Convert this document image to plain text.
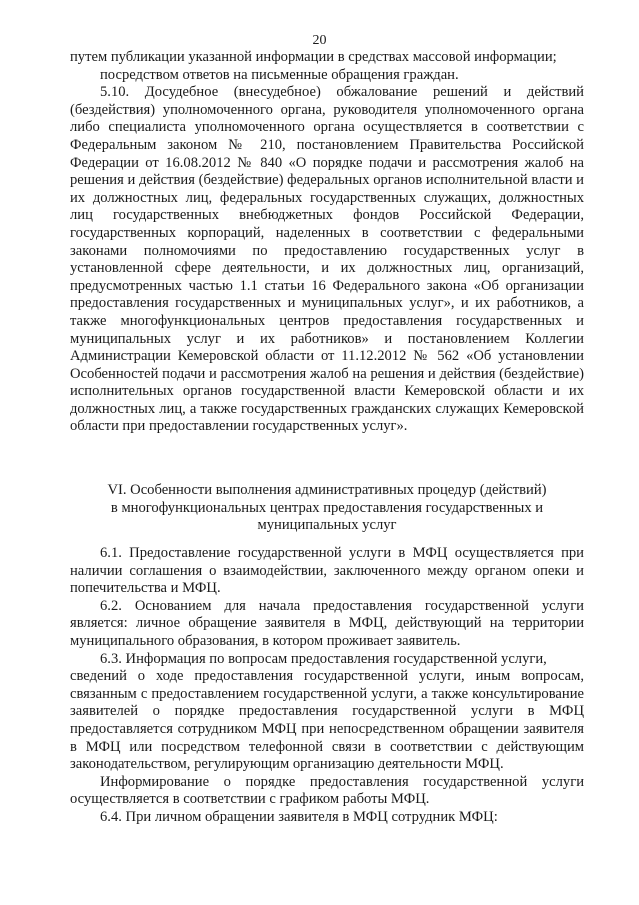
20

путем публикации указанной информации в средствах массовой информации;

посредством ответов на письменные обращения граждан.

5.10. Досудебное (внесудебное) обжалование решений и действий (бездействия) уполномоченного органа, руководителя уполномоченного органа либо специалиста уполномоченного органа осуществляется в соответствии с Федеральным законом № 210, постановлением Правительства Российской Федерации от 16.08.2012 № 840 «О порядке подачи и рассмотрения жалоб на решения и действия (бездействие) федеральных органов исполнительной власти и их должностных лиц, федеральных государственных служащих, должностных лиц государственных внебюджетных фондов Российской Федерации, государственных корпораций, наделенных в соответствии с федеральными законами полномочиями по предоставлению государственных услуг в установленной сфере деятельности, и их должностных лиц, организаций, предусмотренных частью 1.1 статьи 16 Федерального закона «Об организации предоставления государственных и муниципальных услуг», и их работников, а также многофункциональных центров предоставления государственных и муниципальных услуг и их работников» и постановлением Коллегии Администрации Кемеровской области от 11.12.2012 № 562 «Об установлении Особенностей подачи и рассмотрения жалоб на решения и действия (бездействие) исполнительных органов государственной власти Кемеровской области и их должностных лиц, а также государственных гражданских служащих Кемеровской области при предоставлении государственных услуг».

VI. Особенности выполнения административных процедур (действий)
в многофункциональных центрах предоставления государственных и
муниципальных услуг

6.1. Предоставление государственной услуги в МФЦ осуществляется при наличии соглашения о взаимодействии, заключенного между органом опеки и попечительства и МФЦ.

6.2. Основанием для начала предоставления государственной услуги является: личное обращение заявителя в МФЦ, действующий на территории муниципального образования, в котором проживает заявитель.

6.3. Информация по вопросам предоставления государственной услуги,

сведений о ходе предоставления государственной услуги, иным вопросам, связанным с предоставлением государственной услуги, а также консультирование заявителей о порядке предоставления государственной услуги в МФЦ предоставляется сотрудником МФЦ при непосредственном обращении заявителя в МФЦ или посредством телефонной связи в соответствии с действующим законодательством, регулирующим организацию деятельности МФЦ.

Информирование о порядке предоставления государственной услуги осуществляется в соответствии с графиком работы МФЦ.

6.4. При личном обращении заявителя в МФЦ сотрудник МФЦ:
